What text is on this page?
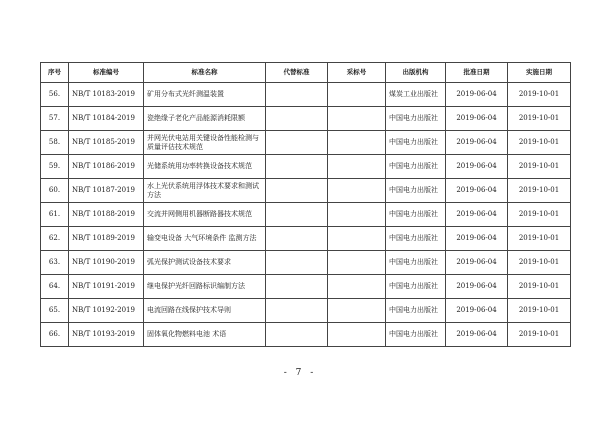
序号	标准编号	标准名称	代替标准	采标号	出版机构	批准日期	实施日期
56.	NB/T 10183-2019	矿用分布式光纤测温装置			煤炭工业出版社	2019-06-04	2019-10-01
57.	NB/T 10184-2019	瓷绝缘子老化产品能源消耗限额			中国电力出版社	2019-06-04	2019-10-01
58.	NB/T 10185-2019	并网光伏电站用关键设备性能检测与质量评估技术规范			中国电力出版社	2019-06-04	2019-10-01
59.	NB/T 10186-2019	光储系统用功率转换设备技术规范			中国电力出版社	2019-06-04	2019-10-01
60.	NB/T 10187-2019	水上光伏系统用浮体技术要求和测试方法			中国电力出版社	2019-06-04	2019-10-01
61.	NB/T 10188-2019	交流并网侧用机器断路器技术规范			中国电力出版社	2019-06-04	2019-10-01
62.	NB/T 10189-2019	输变电设备 大气环境条件 监测方法			中国电力出版社	2019-06-04	2019-10-01
63.	NB/T 10190-2019	弧光保护测试设备技术要求			中国电力出版社	2019-06-04	2019-10-01
64.	NB/T 10191-2019	继电保护光纤回路标识编制方法			中国电力出版社	2019-06-04	2019-10-01
65.	NB/T 10192-2019	电流回路在线保护技术导则			中国电力出版社	2019-06-04	2019-10-01
66.	NB/T 10193-2019	固体氧化物燃料电池 术语			中国电力出版社	2019-06-04	2019-10-01
- 7 -
